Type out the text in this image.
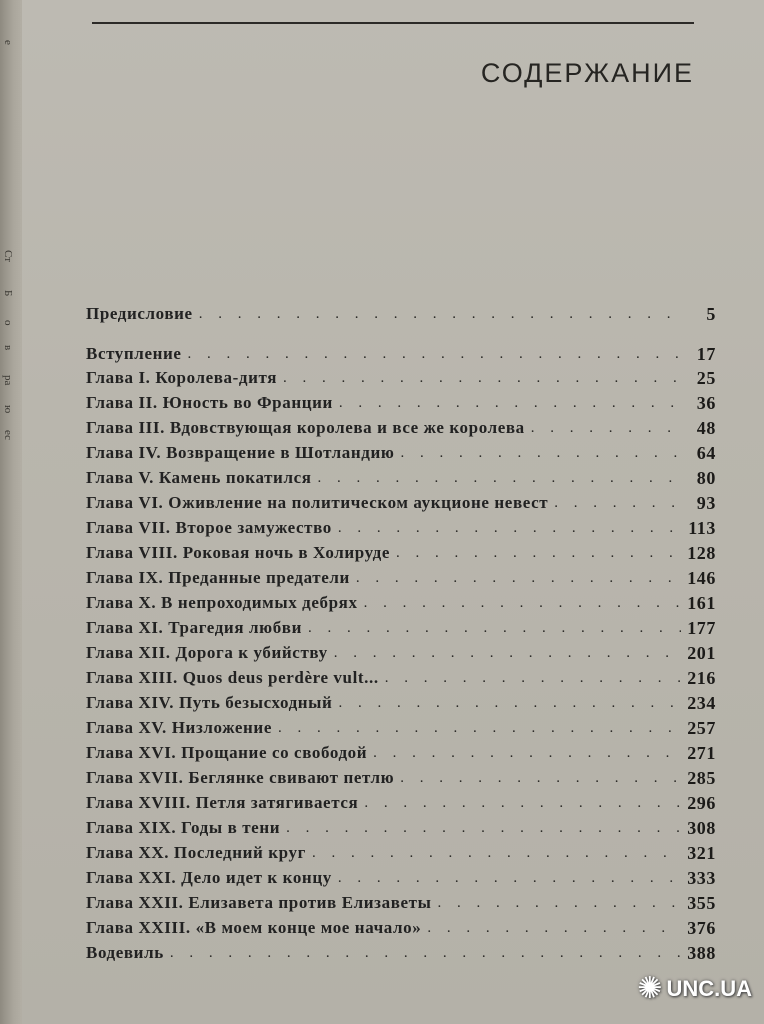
е
Ст
Б
о
в
ра
ю
ес
СОДЕРЖАНИЕ
Предисловие . . .	5
Вступление . . .	17
Глава I. Королева-дитя . . .	25
Глава II. Юность во Франции . . .	36
Глава III. Вдовствующая королева и все же королева . . .	48
Глава IV. Возвращение в Шотландию . . .	64
Глава V. Камень покатился . . .	80
Глава VI. Оживление на политическом аукционе невест . . .	93
Глава VII. Второе замужество . . .	113
Глава VIII. Роковая ночь в Холируде . . .	128
Глава IX. Преданные предатели . . .	146
Глава X. В непроходимых дебрях . . .	161
Глава XI. Трагедия любви . . .	177
Глава XII. Дорога к убийству . . .	201
Глава XIII. Quos deus perdère vult... . . .	216
Глава XIV. Путь безысходный . . .	234
Глава XV. Низложение . . .	257
Глава XVI. Прощание со свободой . . .	271
Глава XVII. Беглянке свивают петлю . . .	285
Глава XVIII. Петля затягивается . . .	296
Глава XIX. Годы в тени . . .	308
Глава XX. Последний круг . . .	321
Глава XXI. Дело идет к концу . . .	333
Глава XXII. Елизавета против Елизаветы . . .	355
Глава XXIII. «В моем конце мое начало» . . .	376
Водевиль . . .	388
✺ UNC.UA
